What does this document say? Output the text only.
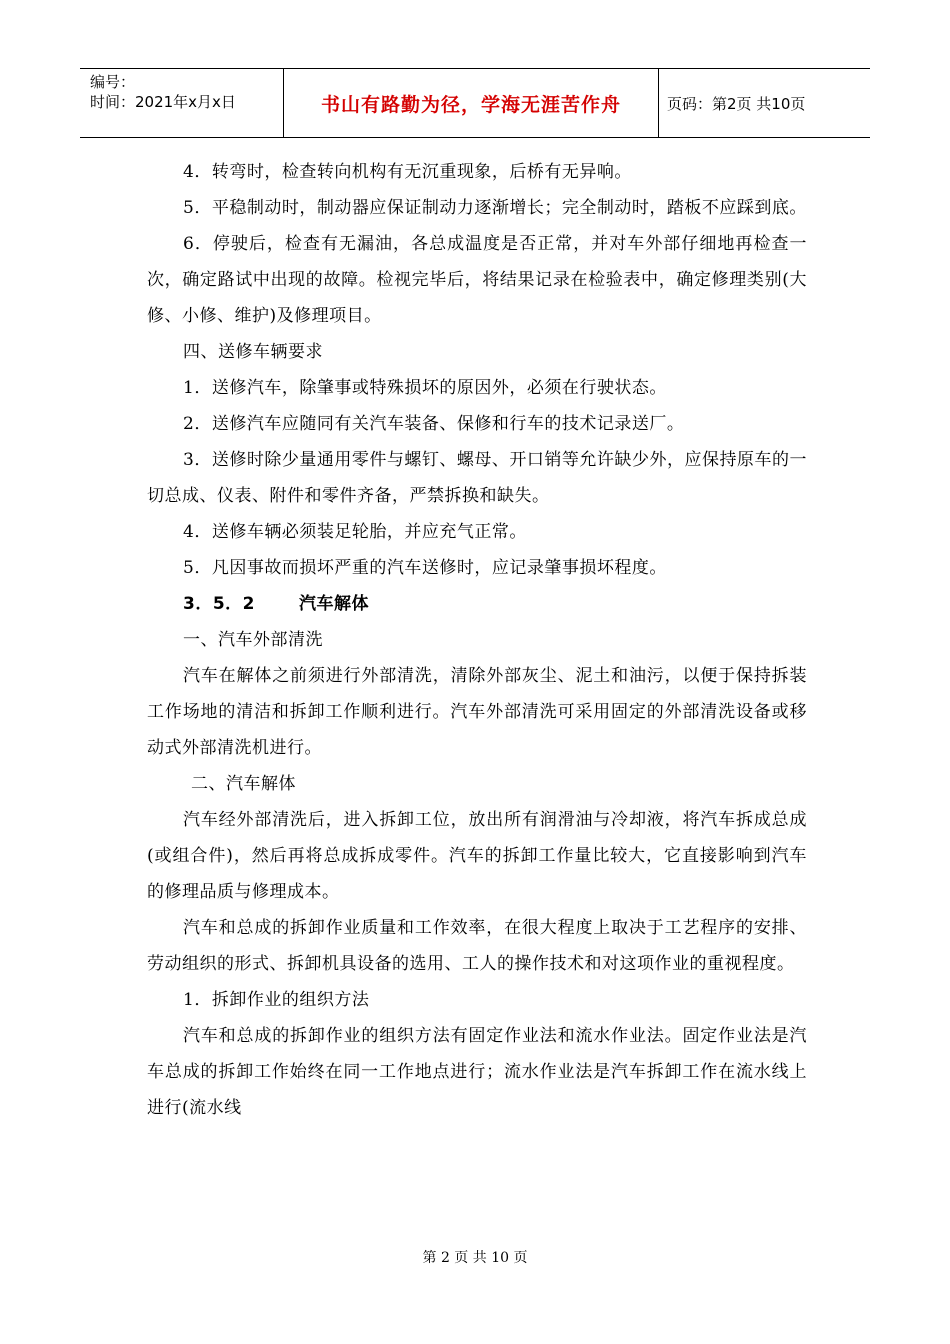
编号：
时间：2021年x月x日	书山有路勤为径，学海无涯苦作舟	页码：第2页 共10页

4．转弯时，检查转向机构有无沉重现象，后桥有无异响。

5．平稳制动时，制动器应保证制动力逐渐增长；完全制动时，踏板不应踩到底。

6．停驶后，检查有无漏油，各总成温度是否正常，并对车外部仔细地再检查一次，确定路试中出现的故障。检视完毕后，将结果记录在检验表中，确定修理类别(大修、小修、维护)及修理项目。

四、送修车辆要求

1．送修汽车，除肇事或特殊损坏的原因外，必须在行驶状态。

2．送修汽车应随同有关汽车装备、保修和行车的技术记录送厂。

3．送修时除少量通用零件与螺钉、螺母、开口销等允许缺少外，应保持原车的一切总成、仪表、附件和零件齐备，严禁拆换和缺失。

4．送修车辆必须装足轮胎，并应充气正常。

5．凡因事故而损坏严重的汽车送修时，应记录肇事损坏程度。

3．5．2	汽车解体

一、汽车外部清洗

汽车在解体之前须进行外部清洗，清除外部灰尘、泥土和油污，以便于保持拆装工作场地的清洁和拆卸工作顺利进行。汽车外部清洗可采用固定的外部清洗设备或移动式外部清洗机进行。

二、汽车解体

汽车经外部清洗后，进入拆卸工位，放出所有润滑油与冷却液，将汽车拆成总成(或组合件)，然后再将总成拆成零件。汽车的拆卸工作量比较大，它直接影响到汽车的修理品质与修理成本。

汽车和总成的拆卸作业质量和工作效率，在很大程度上取决于工艺程序的安排、劳动组织的形式、拆卸机具设备的选用、工人的操作技术和对这项作业的重视程度。

1．拆卸作业的组织方法

汽车和总成的拆卸作业的组织方法有固定作业法和流水作业法。固定作业法是汽车总成的拆卸工作始终在同一工作地点进行；流水作业法是汽车拆卸工作在流水线上进行(流水线

第 2 页 共 10 页
